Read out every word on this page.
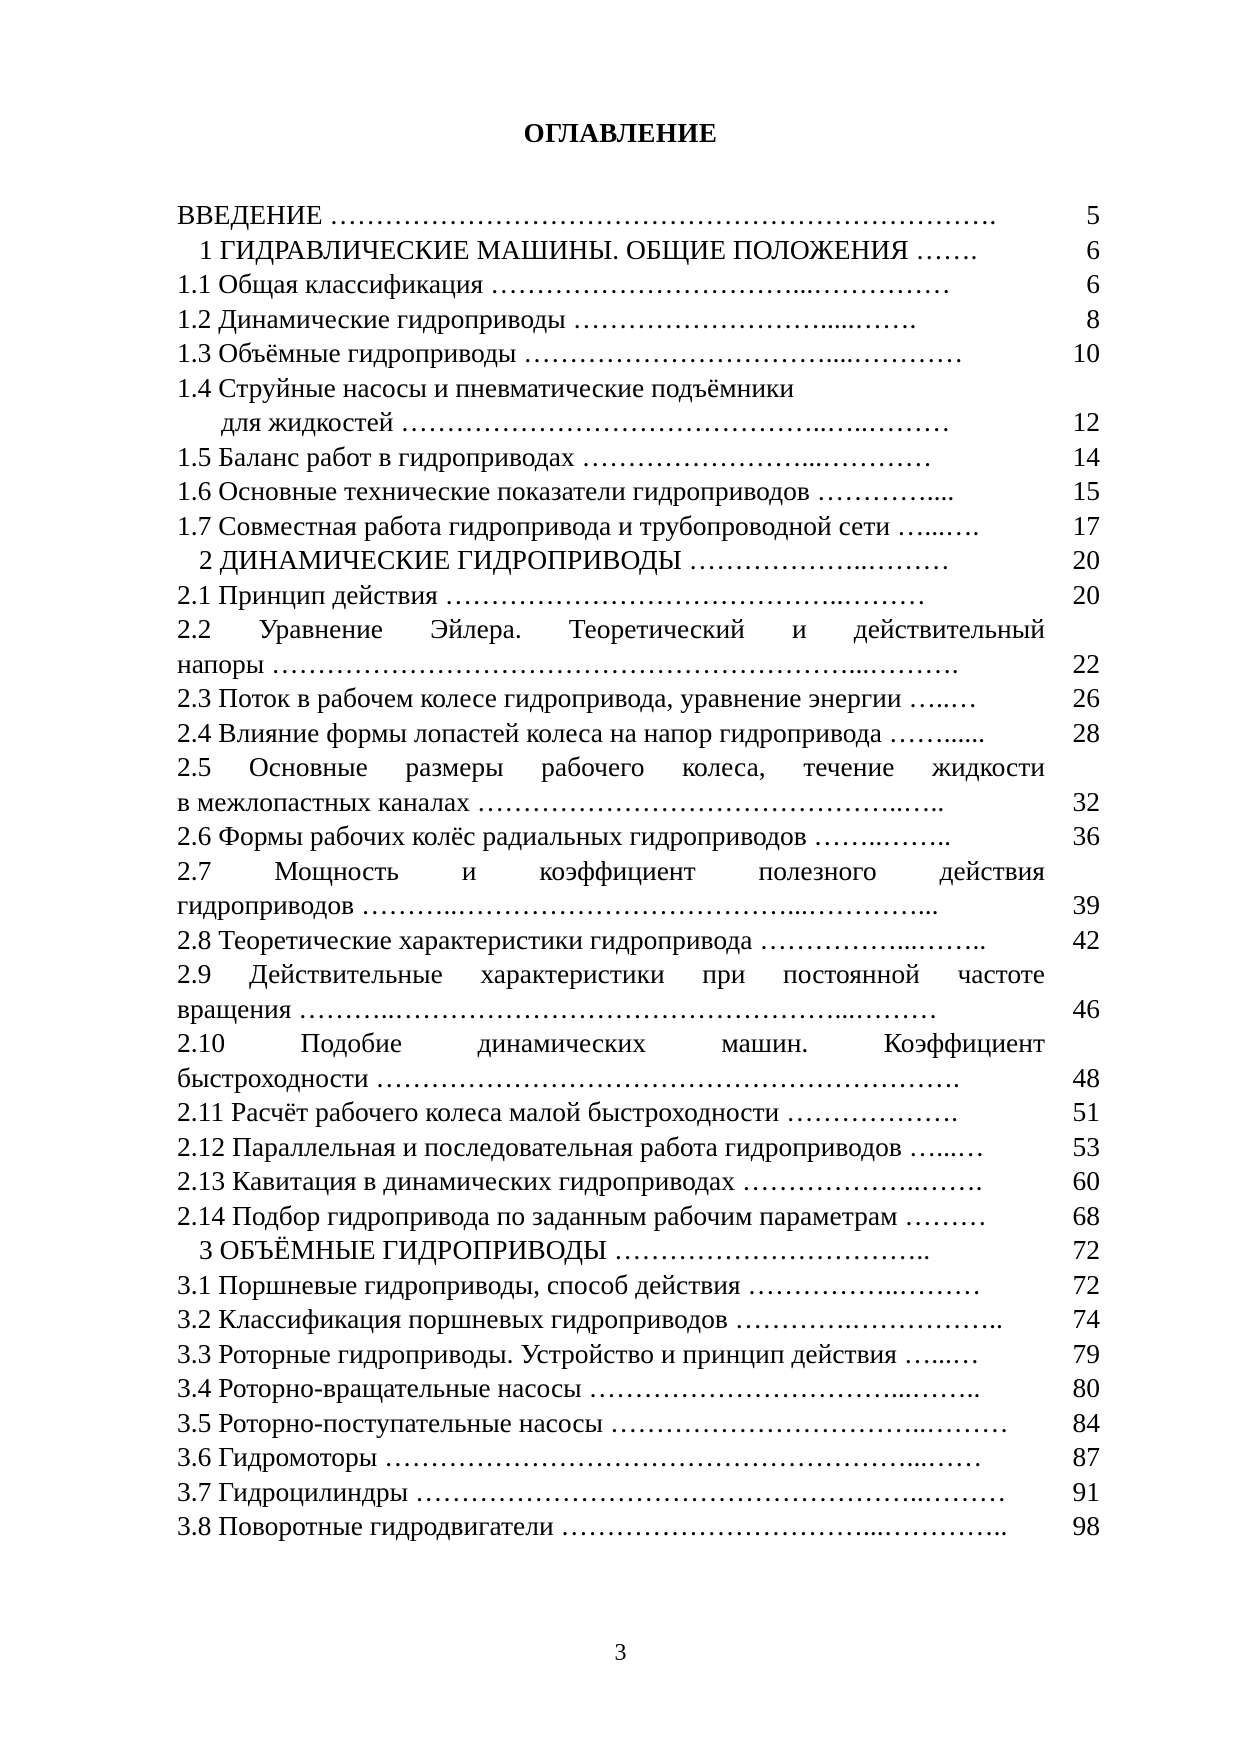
ОГЛАВЛЕНИЕ
ВВЕДЕНИЕ ……………………………………………………………….	5
1 ГИДРАВЛИЧЕСКИЕ МАШИНЫ. ОБЩИЕ ПОЛОЖЕНИЯ …….	6
1.1 Общая классификация ……………………………...……………	6
1.2 Динамические гидроприводы ……………………….....…….	8
1.3 Объёмные гидроприводы ……………………………....…………	10
1.4 Струйные насосы и пневматические подъёмники
для жидкостей ………………………………………..…..………	12
1.5 Баланс работ в гидроприводах ……………………...…………	14
1.6 Основные технические показатели гидроприводов …………....	15
1.7 Совместная работа гидропривода и трубопроводной сети …...….	17
2 ДИНАМИЧЕСКИЕ ГИДРОПРИВОДЫ ………………..………	20
2.1 Принцип действия ……………………………………..………	20
2.2 Уравнение Эйлера. Теоретический и действительный
напоры ………………………………………………………...……….	22
2.3 Поток в рабочем колесе гидропривода, уравнение энергии …..…	26
2.4 Влияние формы лопастей колеса на напор гидропривода ……......	28
2.5 Основные размеры рабочего колеса, течение жидкости
в межлопастных каналах ………………………………………..…..	32
2.6 Формы рабочих колёс радиальных гидроприводов ……..……..	36
2.7 Мощность и коэффициент полезного действия
гидроприводов ………..………………………………...…………...	39
2.8 Теоретические характеристики гидропривода ……………...……..	42
2.9 Действительные характеристики при постоянной частоте
вращения ………..…………………………………………...………	46
2.10	Подобие	динамических	машин.	Коэффициент
быстроходности ……………………………………………………….	48
2.11 Расчёт рабочего колеса малой быстроходности ……………….	51
2.12 Параллельная и последовательная работа гидроприводов …...…	53
2.13 Кавитация в динамических гидроприводах ………………..…….	60
2.14 Подбор гидропривода по заданным рабочим параметрам ………	68
3 ОБЪЁМНЫЕ ГИДРОПРИВОДЫ ……………………………..	72
3.1 Поршневые гидроприводы, способ действия ……………..………	72
3.2 Классификация поршневых гидроприводов ………….……………..	74
3.3 Роторные гидроприводы. Устройство и принцип действия …...…	79
3.4 Роторно-вращательные насосы ……………………………...……..	80
3.5 Роторно-поступательные насосы ……………………………..……… 84
3.6 Гидромоторы …………………………………………………...……	87
3.7 Гидроцилиндры ………………………………………………..……… 91
3.8 Поворотные гидродвигатели ……………………………...………….. 98
3
